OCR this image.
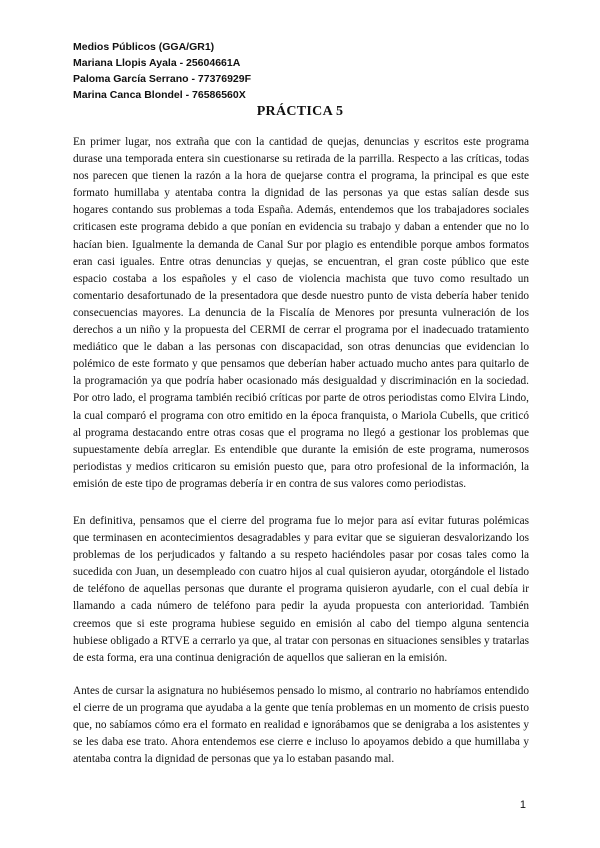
Medios Públicos (GGA/GR1)
Mariana Llopis Ayala - 25604661A
Paloma García Serrano - 77376929F
Marina Canca Blondel - 76586560X
PRÁCTICA 5

En primer lugar, nos extraña que con la cantidad de quejas, denuncias y escritos este programa durase una temporada entera sin cuestionarse su retirada de la parrilla. Respecto a las críticas, todas nos parecen que tienen la razón a la hora de quejarse contra el programa, la principal es que este formato humillaba y atentaba contra la dignidad de las personas ya que estas salían desde sus hogares contando sus problemas a toda España. Además, entendemos que los trabajadores sociales criticasen este programa debido a que ponían en evidencia su trabajo y daban a entender que no lo hacían bien. Igualmente la demanda de Canal Sur por plagio es entendible porque ambos formatos eran casi iguales. Entre otras denuncias y quejas, se encuentran, el gran coste público que este espacio costaba a los españoles y el caso de violencia machista que tuvo como resultado un comentario desafortunado de la presentadora que desde nuestro punto de vista debería haber tenido consecuencias mayores. La denuncia de la Fiscalía de Menores por presunta vulneración de los derechos a un niño y la propuesta del CERMI de cerrar el programa por el inadecuado tratamiento mediático que le daban a las personas con discapacidad, son otras denuncias que evidencian lo polémico de este formato y que pensamos que deberían haber actuado mucho antes para quitarlo de la programación ya que podría haber ocasionado más desigualdad y discriminación en la sociedad. Por otro lado, el programa también recibió críticas por parte de otros periodistas como Elvira Lindo, la cual comparó el programa con otro emitido en la época franquista, o Mariola Cubells, que criticó al programa destacando entre otras cosas que el programa no llegó a gestionar los problemas que supuestamente debía arreglar. Es entendible que durante la emisión de este programa, numerosos periodistas y medios criticaron su emisión puesto que, para otro profesional de la información, la emisión de este tipo de programas debería ir en contra de sus valores como periodistas.

En definitiva, pensamos que el cierre del programa fue lo mejor para así evitar futuras polémicas que terminasen en acontecimientos desagradables y para evitar que se siguieran desvalorizando los problemas de los perjudicados y faltando a su respeto haciéndoles pasar por cosas tales como la sucedida con Juan, un desempleado con cuatro hijos al cual quisieron ayudar, otorgándole el listado de teléfono de aquellas personas que durante el programa quisieron ayudarle, con el cual debía ir llamando a cada número de teléfono para pedir la ayuda propuesta con anterioridad. También creemos que si este programa hubiese seguido en emisión al cabo del tiempo alguna sentencia hubiese obligado a RTVE a cerrarlo ya que, al tratar con personas en situaciones sensibles y tratarlas de esta forma, era una continua denigración de aquellos que salieran en la emisión.

Antes de cursar la asignatura no hubiésemos pensado lo mismo, al contrario no habríamos entendido el cierre de un programa que ayudaba a la gente que tenía problemas en un momento de crisis puesto que, no sabíamos cómo era el formato en realidad e ignorábamos que se denigraba a los asistentes y se les daba ese trato. Ahora entendemos ese cierre e incluso lo apoyamos debido a que humillaba y atentaba contra la dignidad de personas que ya lo estaban pasando mal.

1
